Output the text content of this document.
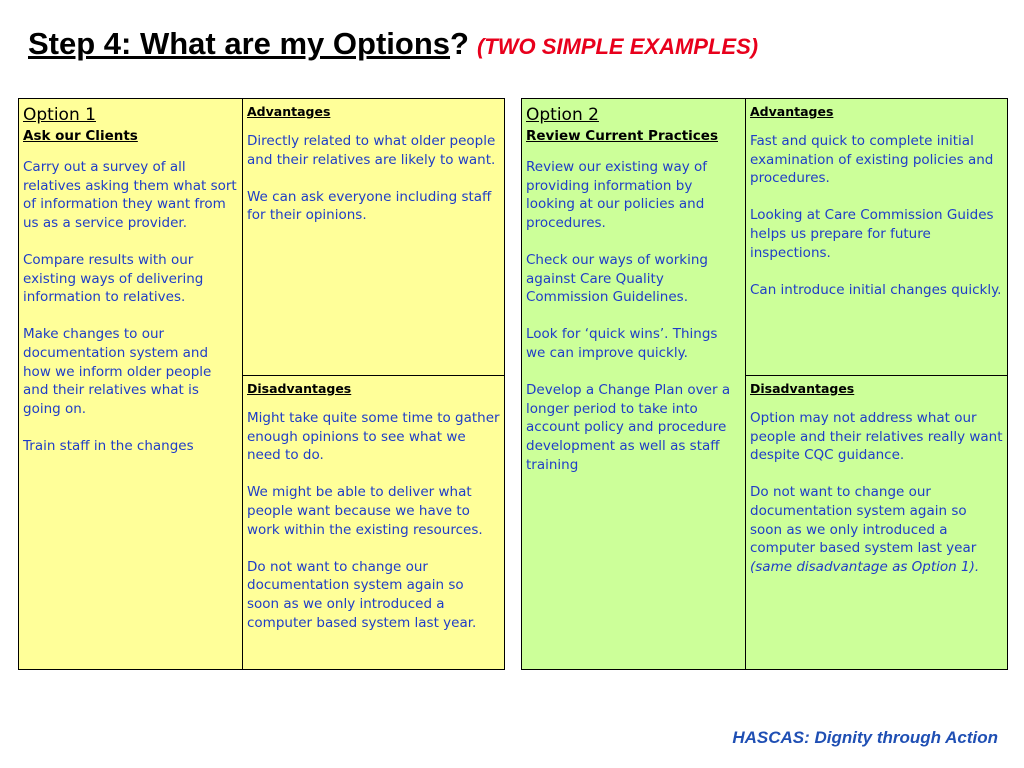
Step 4: What are my Options? (TWO SIMPLE EXAMPLES)
Option 1
Ask our Clients

Carry out a survey of all relatives asking them what sort of information they want from us as a service provider.

Compare results with our existing ways of delivering information to relatives.

Make changes to our documentation system and how we inform older people and their relatives what is going on.

Train staff in the changes

Advantages

Directly related to what older people and their relatives are likely to want.

We can ask everyone including staff for their opinions.

Disadvantages

Might take quite some time to gather enough opinions to see what we need to do.

We might be able to deliver what people want because we have to work within the existing resources.

Do not want to change our documentation system again so soon as we only introduced a computer based system last year.

Option 2
Review Current Practices

Review our existing way of providing information by looking at our policies and procedures.

Check our ways of working against Care Quality Commission Guidelines.

Look for ‘quick wins’. Things we can improve quickly.

Develop a Change Plan over a longer period to take into account policy and procedure development as well as staff training

Advantages

Fast and quick to complete initial examination of existing policies and procedures.

Looking at Care Commission Guides helps us prepare for future inspections.

Can introduce initial changes quickly.

Disadvantages

Option may not address what our people and their relatives really want despite CQC guidance.

Do not want to change our documentation system again so soon as we only introduced a computer based system last year (same disadvantage as Option 1).

HASCAS: Dignity through Action
